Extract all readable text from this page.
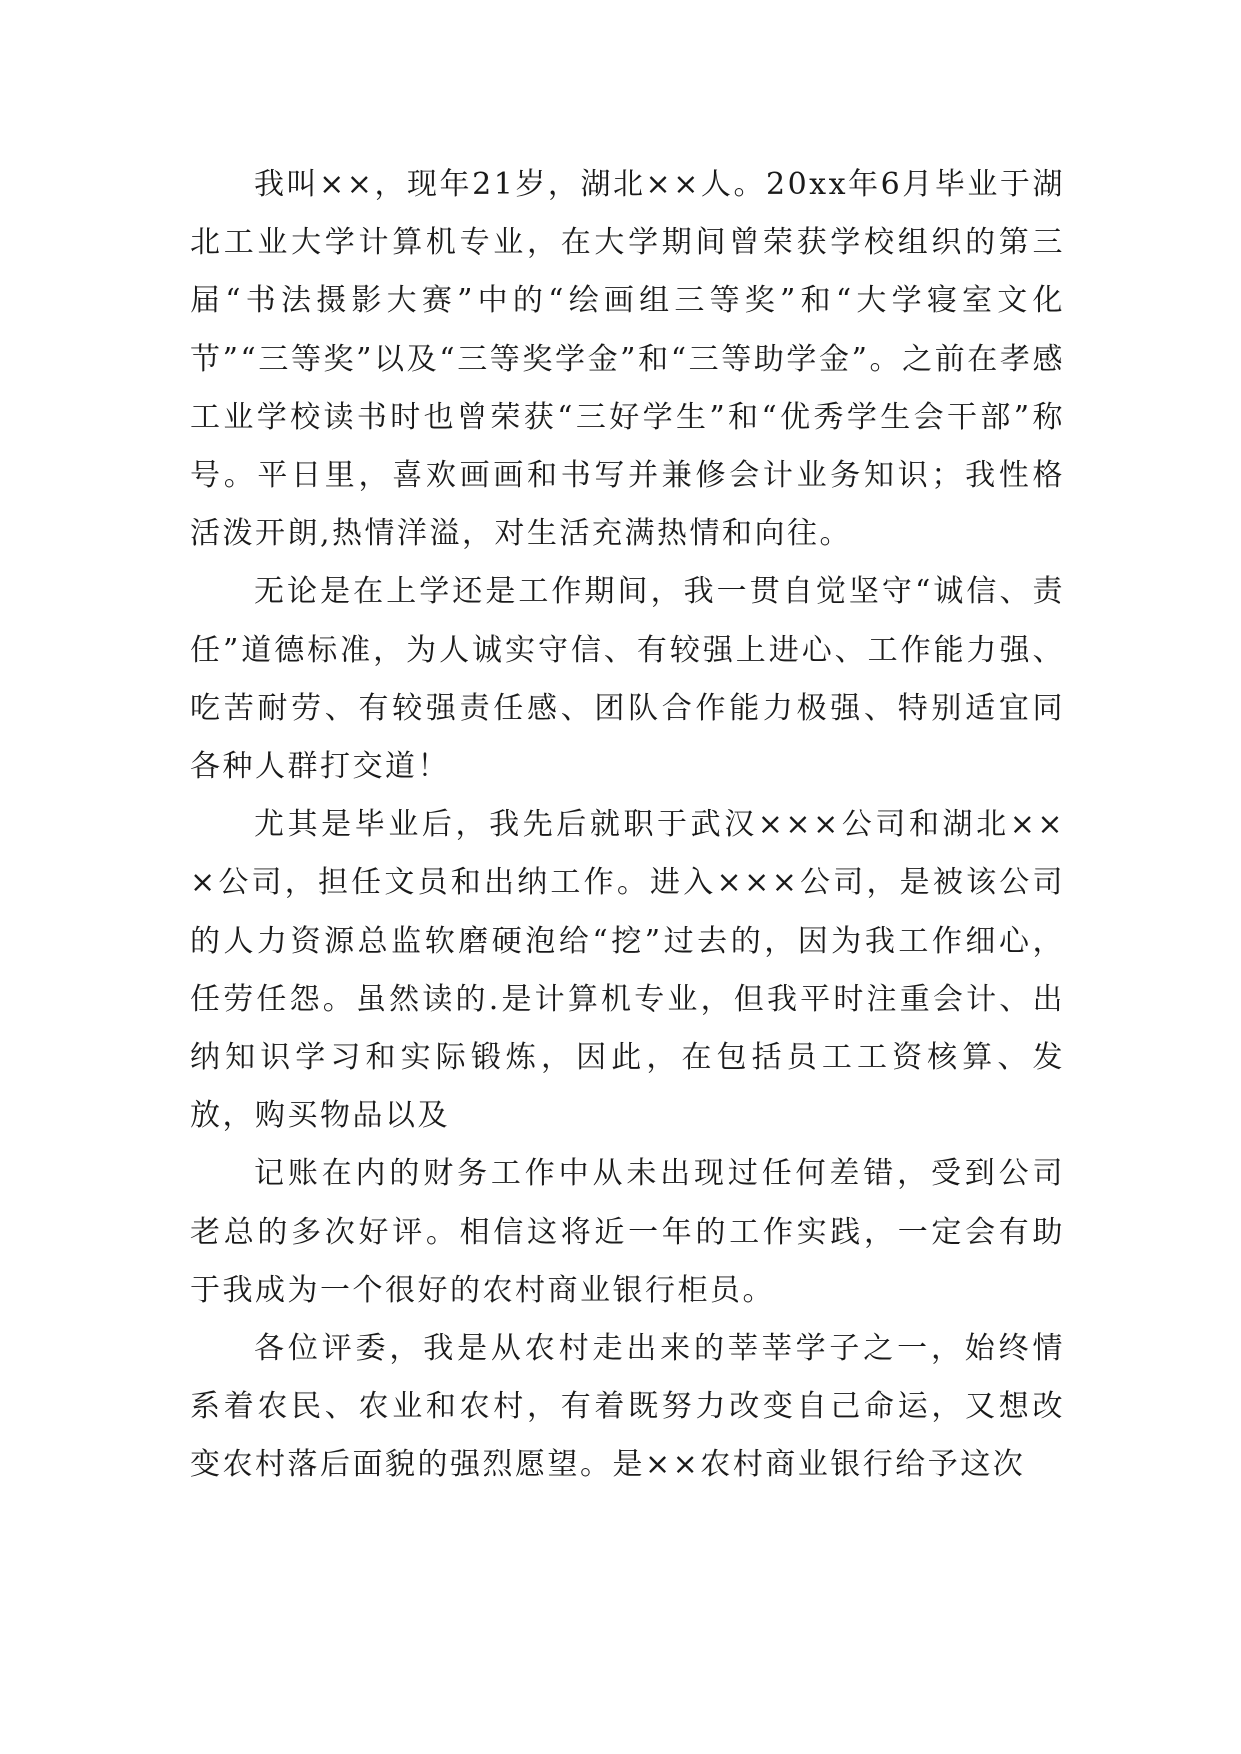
我叫××，现年21岁，湖北××人。20xx年6月毕业于湖北工业大学计算机专业，在大学期间曾荣获学校组织的第三届“书法摄影大赛”中的“绘画组三等奖”和“大学寝室文化节”“三等奖”以及“三等奖学金”和“三等助学金”。之前在孝感工业学校读书时也曾荣获“三好学生”和“优秀学生会干部”称号。平日里，喜欢画画和书写并兼修会计业务知识；我性格活泼开朗,热情洋溢，对生活充满热情和向往。

无论是在上学还是工作期间，我一贯自觉坚守“诚信、责任”道德标准，为人诚实守信、有较强上进心、工作能力强、吃苦耐劳、有较强责任感、团队合作能力极强、特别适宜同各种人群打交道！

尤其是毕业后，我先后就职于武汉×××公司和湖北×××公司，担任文员和出纳工作。进入×××公司，是被该公司的人力资源总监软磨硬泡给“挖”过去的，因为我工作细心，任劳任怨。虽然读的.是计算机专业，但我平时注重会计、出纳知识学习和实际锻炼，因此，在包括员工工资核算、发放，购买物品以及

记账在内的财务工作中从未出现过任何差错，受到公司老总的多次好评。相信这将近一年的工作实践，一定会有助于我成为一个很好的农村商业银行柜员。

各位评委，我是从农村走出来的莘莘学子之一，始终情系着农民、农业和农村，有着既努力改变自己命运，又想改变农村落后面貌的强烈愿望。是××农村商业银行给予这次
